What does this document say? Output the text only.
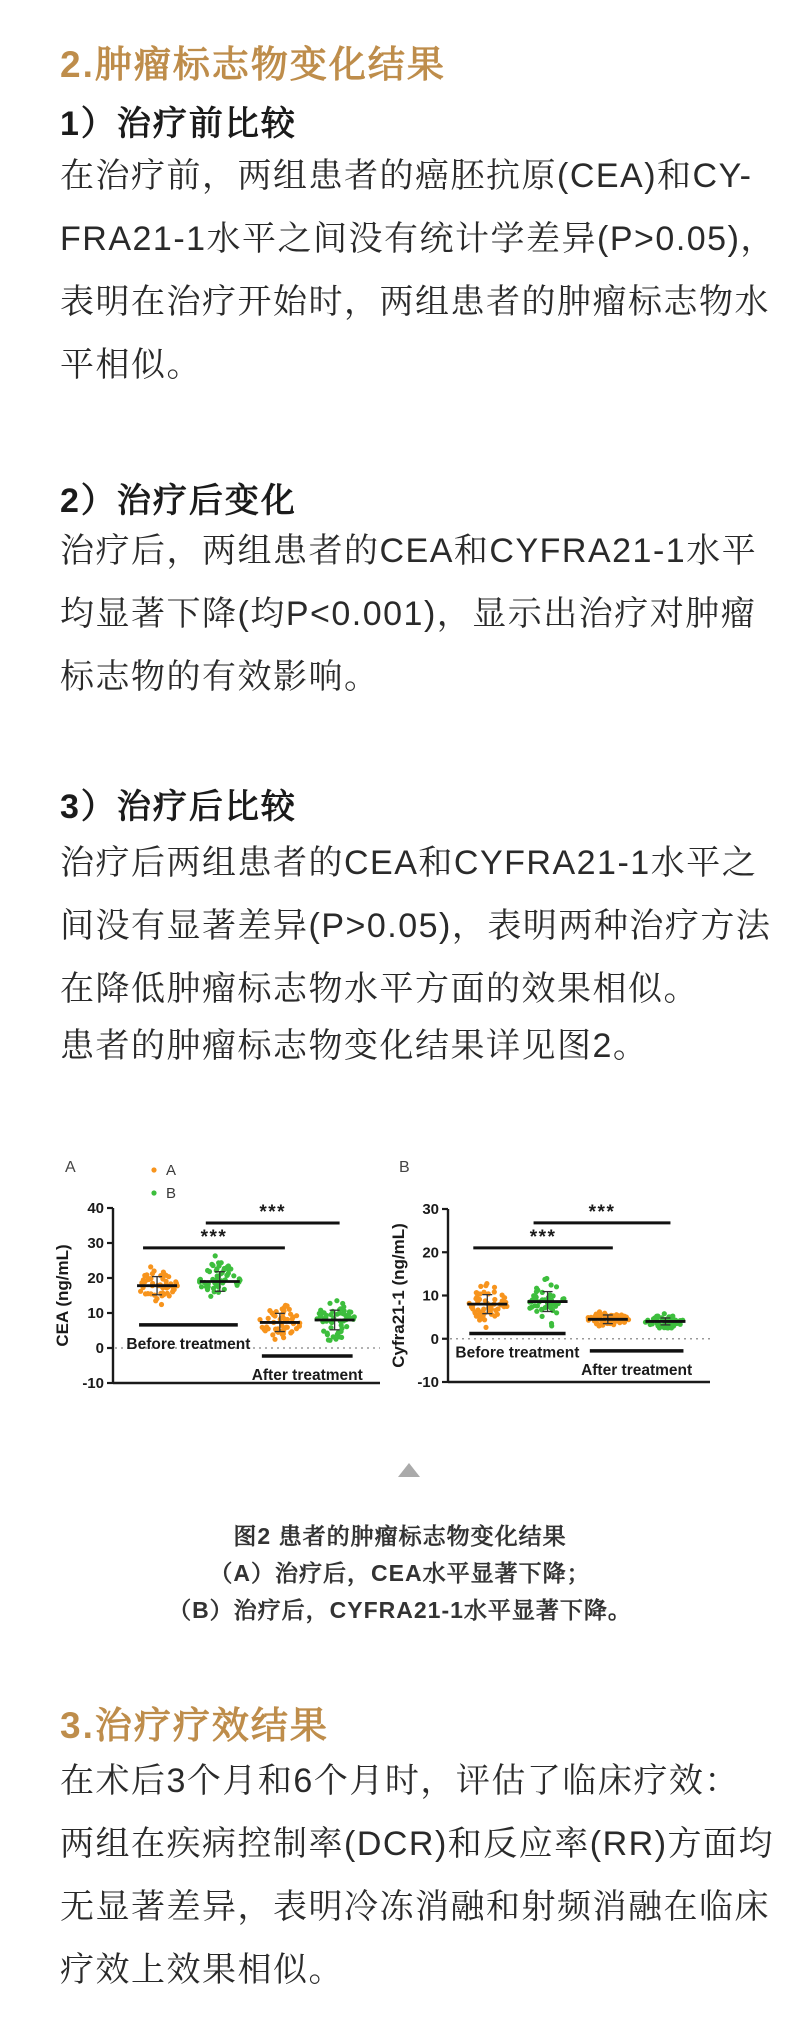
2.肿瘤标志物变化结果
1）治疗前比较
在治疗前，两组患者的癌胚抗原(CEA)和CY-
FRA21-1水平之间没有统计学差异(P>0.05)，
表明在治疗开始时，两组患者的肿瘤标志物水
平相似。
2）治疗后变化
治疗后，两组患者的CEA和CYFRA21-1水平
均显著下降(均P<0.001)，显示出治疗对肿瘤
标志物的有效影响。
3）治疗后比较
治疗后两组患者的CEA和CYFRA21-1水平之
间没有显著差异(P>0.05)，表明两种治疗方法
在降低肿瘤标志物水平方面的效果相似。
患者的肿瘤标志物变化结果详见图2。
A	A
B
40
30
20
10
0
-10
CEA (ng/mL)
***
***
Before treatment
After treatment
B
30
20
10
0
-10
Cyfra21-1 (ng/mL)	***
***
Before treatment
After treatment
图2 患者的肿瘤标志物变化结果
（A）治疗后，CEA水平显著下降；
（B）治疗后，CYFRA21-1水平显著下降。
3.治疗疗效结果
在术后3个月和6个月时，评估了临床疗效：
两组在疾病控制率(DCR)和反应率(RR)方面均
无显著差异，表明冷冻消融和射频消融在临床
疗效上效果相似。
